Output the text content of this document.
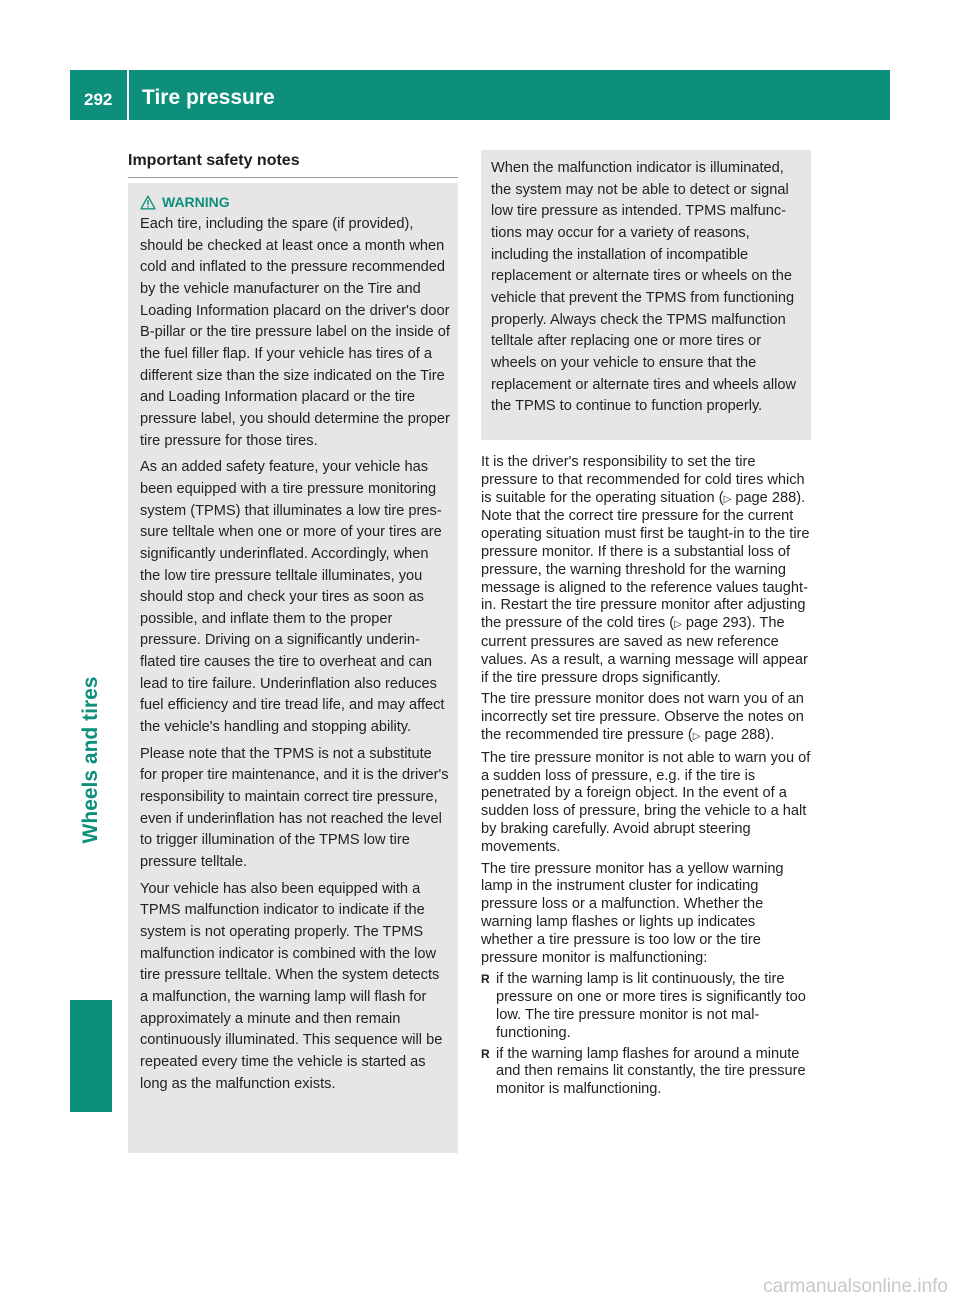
292 Tire pressure
Wheels and tires
Important safety notes
WARNING

Each tire, including the spare (if provided), should be checked at least once a month when cold and inflated to the pressure recommended by the vehicle manufacturer on the Tire and Loading Information placard on the driver's door B-pillar or the tire pressure label on the inside of the fuel filler flap. If your vehicle has tires of a different size than the size indicated on the Tire and Loading Information placard or the tire pressure label, you should determine the proper tire pressure for those tires.

As an added safety feature, your vehicle has been equipped with a tire pressure monitoring system (TPMS) that illuminates a low tire pressure telltale when one or more of your tires are significantly underinflated. Accordingly, when the low tire pressure telltale illuminates, you should stop and check your tires as soon as possible, and inflate them to the proper pressure. Driving on a significantly underinflated tire causes the tire to overheat and can lead to tire failure. Underinflation also reduces fuel efficiency and tire tread life, and may affect the vehicle's handling and stopping ability.

Please note that the TPMS is not a substitute for proper tire maintenance, and it is the driver's responsibility to maintain correct tire pressure, even if underinflation has not reached the level to trigger illumination of the TPMS low tire pressure telltale.

Your vehicle has also been equipped with a TPMS malfunction indicator to indicate if the system is not operating properly. The TPMS malfunction indicator is combined with the low tire pressure telltale. When the system detects a malfunction, the warning lamp will flash for approximately a minute and then remain continuously illuminated. This sequence will be repeated every time the vehicle is started as long as the malfunction exists.

When the malfunction indicator is illuminated, the system may not be able to detect or signal low tire pressure as intended. TPMS malfunctions may occur for a variety of reasons, including the installation of incompatible replacement or alternate tires or wheels on the vehicle that prevent the TPMS from functioning properly. Always check the TPMS malfunction telltale after replacing one or more tires or wheels on your vehicle to ensure that the replacement or alternate tires and wheels allow the TPMS to continue to function properly.

It is the driver's responsibility to set the tire pressure to that recommended for cold tires which is suitable for the operating situation (▷ page 288). Note that the correct tire pressure for the current operating situation must first be taught-in to the tire pressure monitor. If there is a substantial loss of pressure, the warning threshold for the warning message is aligned to the reference values taught-in. Restart the tire pressure monitor after adjusting the pressure of the cold tires (▷ page 293). The current pressures are saved as new reference values. As a result, a warning message will appear if the tire pressure drops significantly.

The tire pressure monitor does not warn you of an incorrectly set tire pressure. Observe the notes on the recommended tire pressure (▷ page 288).

The tire pressure monitor is not able to warn you of a sudden loss of pressure, e.g. if the tire is penetrated by a foreign object. In the event of a sudden loss of pressure, bring the vehicle to a halt by braking carefully. Avoid abrupt steering movements.

The tire pressure monitor has a yellow warning lamp in the instrument cluster for indicating pressure loss or a malfunction. Whether the warning lamp flashes or lights up indicates whether a tire pressure is too low or the tire pressure monitor is malfunctioning:

R if the warning lamp is lit continuously, the tire pressure on one or more tires is significantly too low. The tire pressure monitor is not malfunctioning.
R if the warning lamp flashes for around a minute and then remains lit constantly, the tire pressure monitor is malfunctioning.
carmanualsonline.info
